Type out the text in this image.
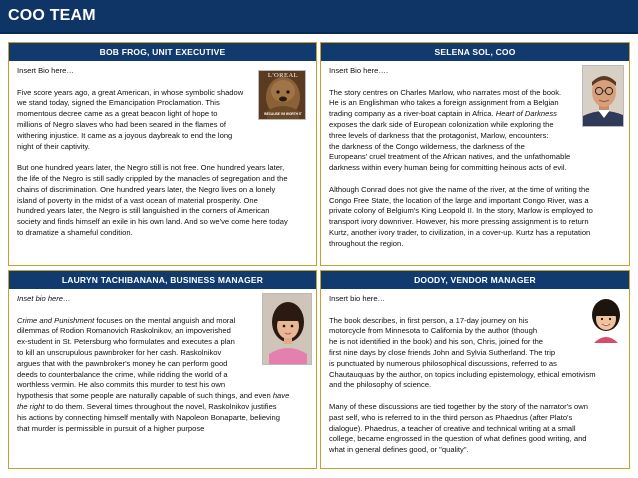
COO TEAM
BOB FROG, UNIT EXECUTIVE

Insert Bio here…

Five score years ago, a great American, in whose symbolic shadow
we stand today, signed the Emancipation Proclamation. This
momentous decree came as a great beacon light of hope to
millions of Negro slaves who had been seared in the flames of
withering injustice. It came as a joyous daybreak to end the long
night of their captivity.

But one hundred years later, the Negro still is not free. One hundred years later,
the life of the Negro is still sadly crippled by the manacles of segregation and the
chains of discrimination. One hundred years later, the Negro lives on a lonely
island of poverty in the midst of a vast ocean of material prosperity. One
hundred years later, the Negro is still languished in the corners of American
society and finds himself an exile in his own land. And so we've come here today
to dramatize a shameful condition.

L'OREAL
BECAUSE I'M WORTH IT
SELENA SOL, COO

Insert Bio here….

The story centres on Charles Marlow, who narrates most of the book.
He is an Englishman who takes a foreign assignment from a Belgian
trading company as a river-boat captain in Africa. Heart of Darkness
exposes the dark side of European colonization while exploring the
three levels of darkness that the protagonist, Marlow, encounters:
the darkness of the Congo wilderness, the darkness of the
Europeans' cruel treatment of the African natives, and the unfathomable
darkness within every human being for committing heinous acts of evil.

Although Conrad does not give the name of the river, at the time of writing the
Congo Free State, the location of the large and important Congo River, was a
private colony of Belgium's King Leopold II. In the story, Marlow is employed to
transport ivory downriver. However, his more pressing assignment is to return
Kurtz, another ivory trader, to civilization, in a cover-up. Kurtz has a reputation
throughout the region.

LAURYN TACHIBANANA, BUSINESS MANAGER

Inset bio here…

Crime and Punishment focuses on the mental anguish and moral
dilemmas of Rodion Romanovich Raskolnikov, an impoverished
ex-student in St. Petersburg who formulates and executes a plan
to kill an unscrupulous pawnbroker for her cash. Raskolnikov
argues that with the pawnbroker's money he can perform good
deeds to counterbalance the crime, while ridding the world of a
worthless vermin. He also commits this murder to test his own
hypothesis that some people are naturally capable of such things, and even have
the right to do them. Several times throughout the novel, Raskolnikov justifies
his actions by connecting himself mentally with Napoleon Bonaparte, believing
that murder is permissible in pursuit of a higher purpose

DOODY, VENDOR MANAGER

Insert bio here…

The book describes, in first person, a 17-day journey on his
motorcycle from Minnesota to California by the author (though
he is not identified in the book) and his son, Chris, joined for the
first nine days by close friends John and Sylvia Sutherland. The trip
is punctuated by numerous philosophical discussions, referred to as
Chautauquas by the author, on topics including epistemology, ethical emotivism
and the philosophy of science.

Many of these discussions are tied together by the story of the narrator's own
past self, who is referred to in the third person as Phaedrus (after Plato's
dialogue). Phaedrus, a teacher of creative and technical writing at a small
college, became engrossed in the question of what defines good writing, and
what in general defines good, or "quality".
